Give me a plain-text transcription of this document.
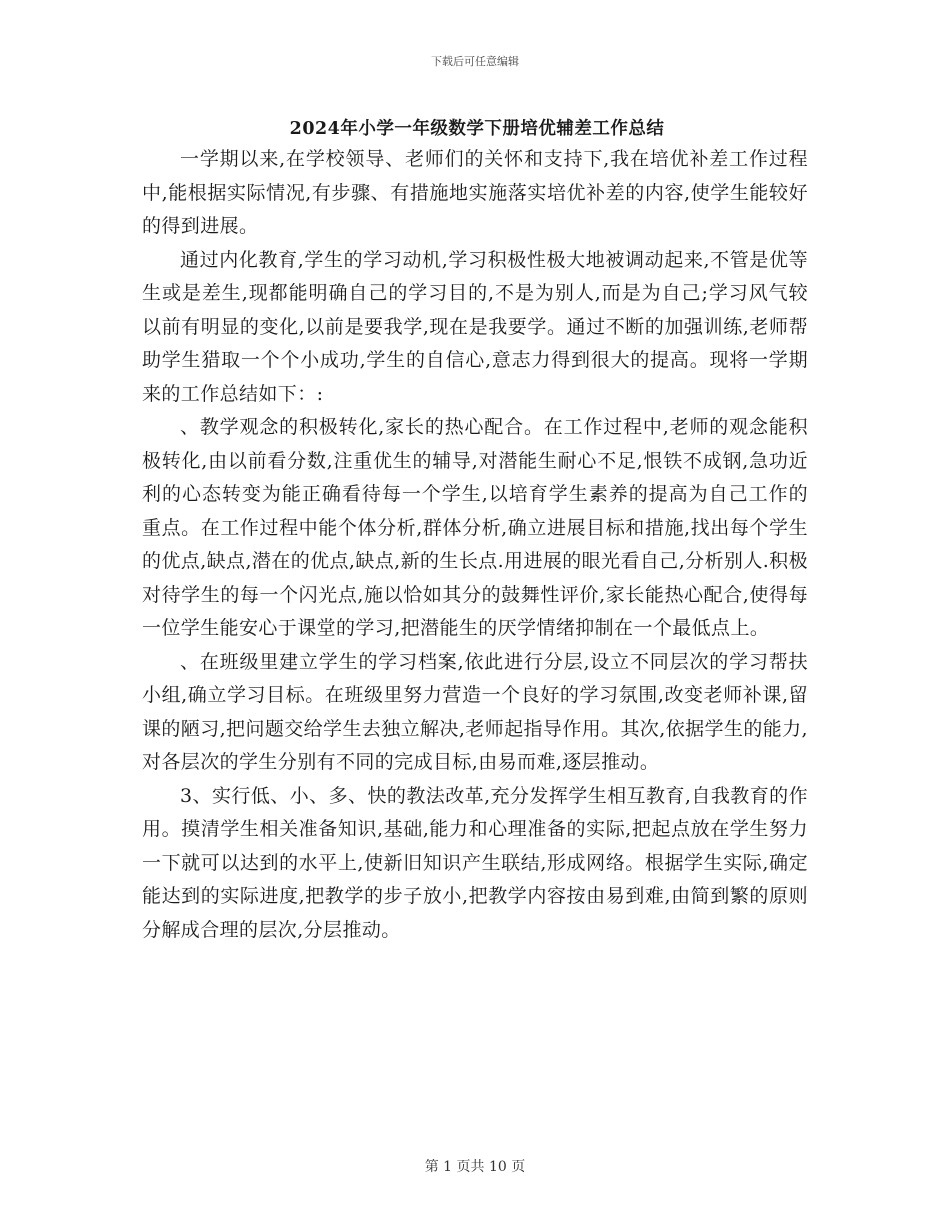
下载后可任意编辑
2024年小学一年级数学下册培优辅差工作总结

一学期以来,在学校领导、老师们的关怀和支持下,我在培优补差工作过程中,能根据实际情况,有步骤、有措施地实施落实培优补差的内容,使学生能较好的得到进展。

通过内化教育,学生的学习动机,学习积极性极大地被调动起来,不管是优等生或是差生,现都能明确自己的学习目的,不是为别人,而是为自己;学习风气较以前有明显的变化,以前是要我学,现在是我要学。通过不断的加强训练,老师帮助学生猎取一个个小成功,学生的自信心,意志力得到很大的提高。现将一学期来的工作总结如下：:

、教学观念的积极转化,家长的热心配合。在工作过程中,老师的观念能积极转化,由以前看分数,注重优生的辅导,对潜能生耐心不足,恨铁不成钢,急功近利的心态转变为能正确看待每一个学生,以培育学生素养的提高为自己工作的重点。在工作过程中能个体分析,群体分析,确立进展目标和措施,找出每个学生的优点,缺点,潜在的优点,缺点,新的生长点.用进展的眼光看自己,分析别人.积极对待学生的每一个闪光点,施以恰如其分的鼓舞性评价,家长能热心配合,使得每一位学生能安心于课堂的学习,把潜能生的厌学情绪抑制在一个最低点上。

、在班级里建立学生的学习档案,依此进行分层,设立不同层次的学习帮扶小组,确立学习目标。在班级里努力营造一个良好的学习氛围,改变老师补课,留课的陋习,把问题交给学生去独立解决,老师起指导作用。其次,依据学生的能力,对各层次的学生分别有不同的完成目标,由易而难,逐层推动。

3、实行低、小、多、快的教法改革,充分发挥学生相互教育,自我教育的作用。摸清学生相关准备知识,基础,能力和心理准备的实际,把起点放在学生努力一下就可以达到的水平上,使新旧知识产生联结,形成网络。根据学生实际,确定能达到的实际进度,把教学的步子放小,把教学内容按由易到难,由简到繁的原则分解成合理的层次,分层推动。

第 1 页共 10 页
